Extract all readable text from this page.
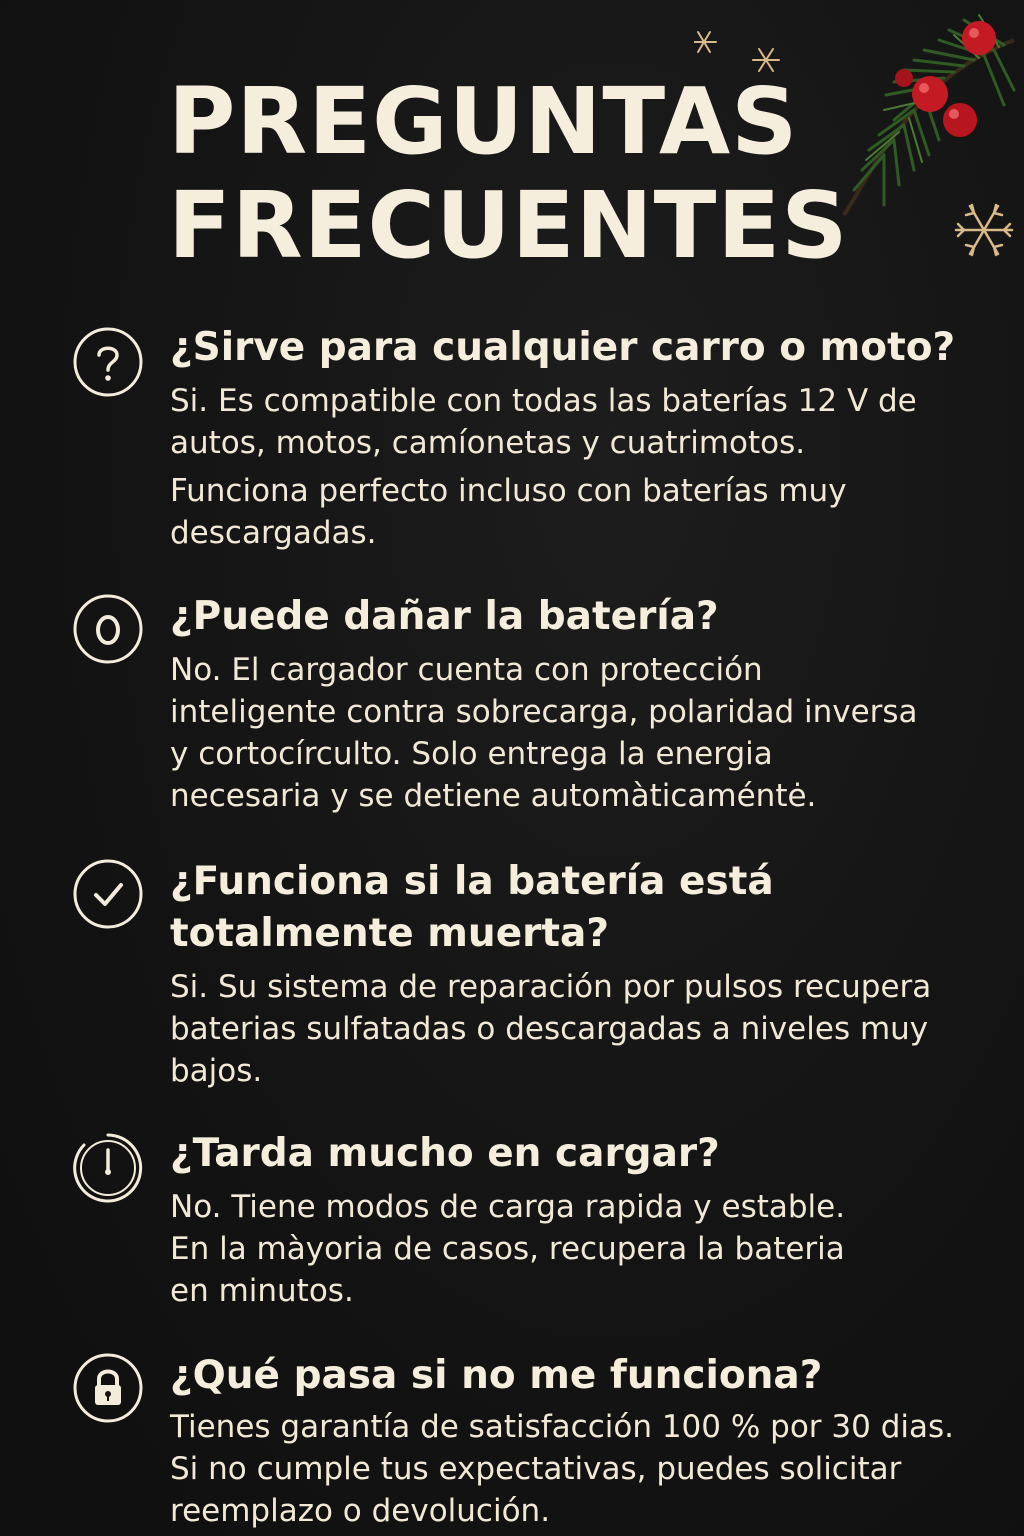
PREGUNTAS
FRECUENTES
¿Sirve para cualquier carro o moto?

Si. Es compatible con todas las baterías 12 V de
autos, motos, camíonetas y cuatrimotos.
Funciona perfecto incluso con baterías muy
descargadas.

¿Puede dañar la batería?

No. El cargador cuenta con protección
inteligente contra sobrecarga, polaridad inversa
y cortocírculto. Solo entrega la energia
necesaria y se detiene automàticaméntė.

¿Funciona si la batería está totalmente muerta?

Si. Su sistema de reparación por pulsos recupera
baterias sulfatadas o descargadas a niveles muy
bajos.

¿Tarda mucho en cargar?

No. Tiene modos de carga rapida y estable.
En la màyoria de casos, recupera la bateria
en minutos.

¿Qué pasa si no me funciona?

Tienes garantía de satisfacción 100 % por 30 dias.
Si no cumple tus expectativas, puedes solicitar
reemplazo o devolución.
